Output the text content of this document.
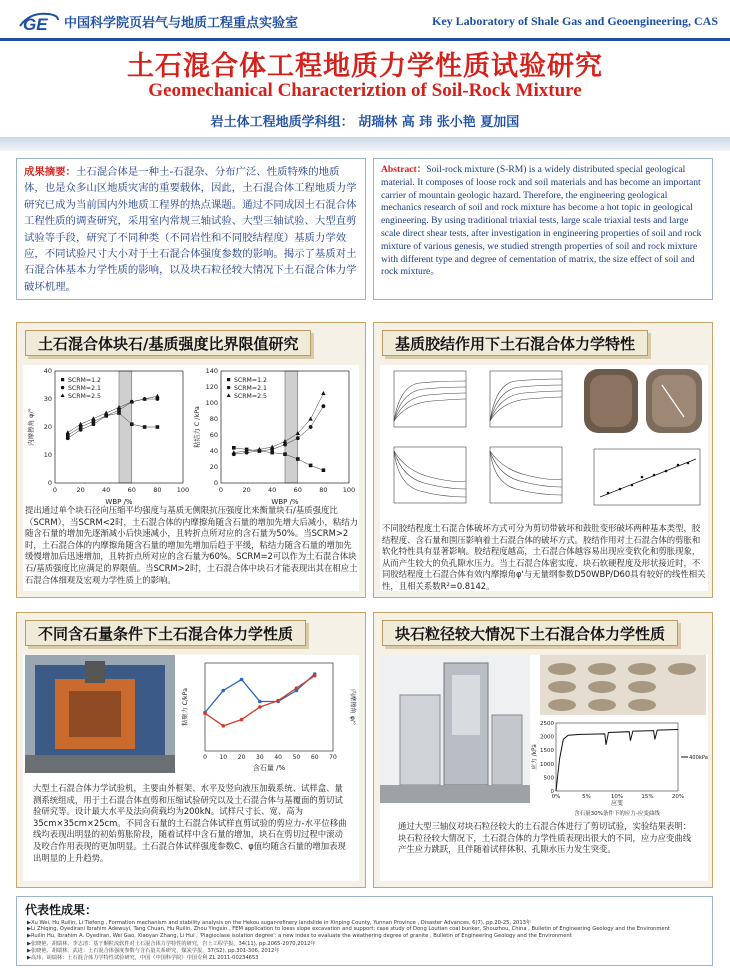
GE 中国科学院页岩气与地质工程重点实验室	Key Laboratory of Shale Gas and Geoengineering, CAS
土石混合体工程地质力学性质试验研究
Geomechanical Characteriztion of Soil-Rock Mixture
岩土体工程地质学科组： 胡瑞林 高 玮 张小艳 夏加国
成果摘要：土石混合体是一种土-石混杂、分布广泛、性质特殊的地质体，也是众多山区地质灾害的重要载体，因此，土石混合体工程地质力学研究已成为当前国内外地质工程界的热点课题。通过不同成因土石混合体工程性质的调查研究，采用室内常规三轴试验、大型三轴试验、大型直剪试验等手段，研究了不同种类（不同岩性和不同胶结程度）基质力学效应，不同试验尺寸大小对于土石混合体强度参数的影响。揭示了基质对土石混合体基本力学性质的影响，以及块石粒径较大情况下土石混合体力学破坏机理。
Abstract：Soil-rock mixture (S-RM) is a widely distributed special geological material. It composes of loose rock and soil materials and has become an important carrier of mountain geologic hazard. Therefore, the engineering geological mechanics research of soil and rock mixture has become a hot topic in geological engineering. By using traditional triaxial tests, large scale triaxial tests and large scale direct shear tests, after investigation in engineering properties of soil and rock mixture of various genesis, we studied strength properties of soil and rock mixture with different type and degree of cementation of matrix, the size effect of soil and rock mixture。
土石混合体块石/基质强度比界限值研究
0	20	40	60	80 100
0
10
20
30
40
WBP /%
内摩擦角 φ/°
SCRM=1.2
SCRM=2.1
SCRM=2.5
0	20	40	60	80 100
0
20
40
60
80
100
120
140
WBP /%
粘结力 C /kPa
SCRM=1.2
SCRM=2.1
SCRM=2.5
提出通过单个块石径向压缩平均强度与基质无侧限抗压强度比来衡量块石/基质强度比（SCRM），当SCRM<2时，土石混合体的内摩擦角随含石量的增加先增大后减小，粘结力随含石量的增加先逐渐减小后快速减小，且转折点所对应的含石量为50%。当SCRM>2时，土石混合体的内摩擦角随含石量的增加先增加后趋于平缓，粘结力随含石量的增加先缓慢增加后迅速增加，且转折点所对应的含石量为60%。SCRM=2可以作为土石混合体块石/基质强度比应满足的界限值。当SCRM>2时，土石混合体中块石才能表现出其在相应土石混合体细观及宏观力学性质上的影响。
基质胶结作用下土石混合体力学特性
不同胶结程度土石混合体破坏方式可分为剪切带破坏和鼓肚变形破坏两种基本类型，胶结程度、含石量和围压影响着土石混合体的破坏方式。胶结作用对土石混合体的剪胀和软化特性具有显著影响。胶结程度越高，土石混合体越容易出现应变软化和剪胀现象，从而产生较大的负孔隙水压力。当土石混合体密实度、块石软硬程度及形状接近时，不同胶结程度土石混合体有效内摩擦角φ'与无量纲参数D50WBP/D60具有较好的线性相关性，且相关系数R²=0.8142。
不同含石量条件下土石混合体力学性质
0 10 20 30 40 50 60 70
含石量 /%
粘聚力 C/kPa	内摩擦角 φ/°
大型土石混合体力学试验机，主要由外框架、水平及竖向液压加载系统、试样盒、量测系统组成，用于土石混合体直剪和压缩试验研究以及土石混合体与基覆面的剪切试验研究等。设计最大水平及法向荷载均为200kN。试样尺寸长、宽、高为35cm×35cm×25cm。不同含石量的土石混合体试样直剪试验的剪应力-水平位移曲线均表现出明显的初始剪胀阶段，随着试样中含石量的增加，块石在剪切过程中滚动及咬合作用表现的更加明显。土石混合体试样强度参数C、φ值均随含石量的增加表现出明显的上升趋势。
块石粒径较大情况下土石混合体力学性质
0%	5%	10%	15%	20%
0
500
1000
1500
2000
2500
应变
应力 /kPa
含石量30%条件下的应力-应变曲线
400kPa
通过大型三轴仪对块石粒径较大的土石混合体进行了剪切试验，实验结果表明：块石粒径较大情况下，土石混合体的力学性质表现出很大的不同，应力应变曲线产生应力跳跃，且伴随着试样体积、孔隙水压力发生突变。
代表性成果：
▶Xu Wei, Hu Ruilin, Li Tiefeng , Formation mechanism and stability analysis on the Hekou sugar-refinery landslide in Xinping County, Yunnan Province , Disaster Advances, 6(7), pp.20-25, 2013年
▶Li Zhiqing, Oyedirani Ibrahim Adewuyi, Tang Chuan, Hu Ruilin, Zhou Yingxin , FEM application to loess slope excavation and support: case study of Dong Loutian coal bunker, Shouzhou, China , Bulletin of Engineering Geology and the Environment
▶Ruilin Hu, Ibrahim A. Oyediran, Wei Gao, Xiaoyan Zhang, Li Hui , 'Plagioclase isolation degree': a new index to evaluate the weathering degree of granite , Bulletin of Engineering Geology and the Environment
▶张晓艳、胡瑞林、李志清：基于颗粒流软件对土石混合体力学特性的研究，岩土工程学报，34(11), pp.2065-2070,2012年
▶张晓艳、胡瑞林、武进：土石混合体强度参数与含石量关系研究，煤炭学报，37(S2), pp.301-306, 2012年
▶高玮、胡瑞林：土石混合体力学特性试验研究，中国（中国科学院）中国专利 ZL 2011-00234653
